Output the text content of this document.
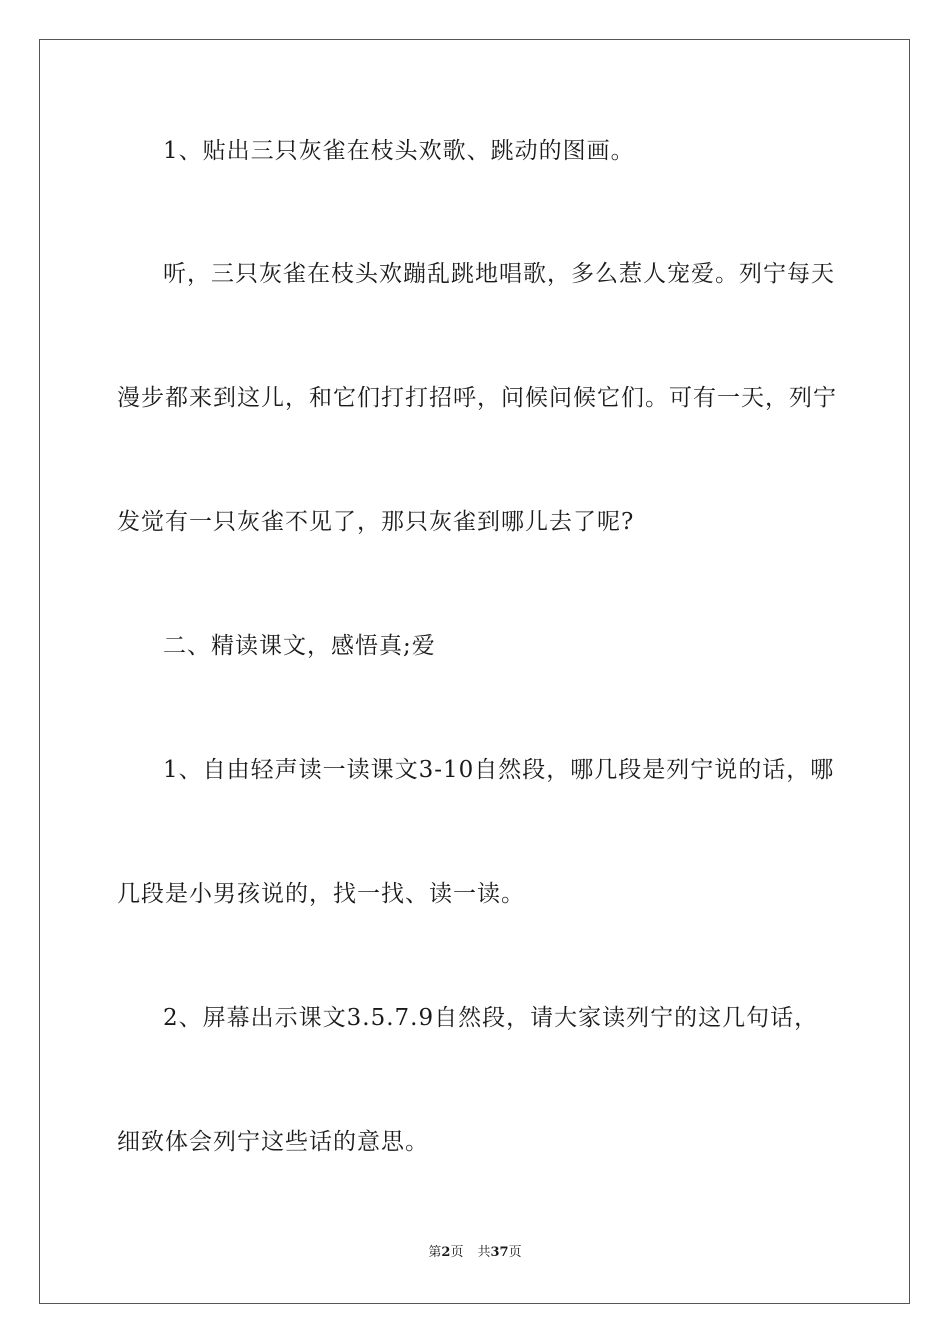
1、贴出三只灰雀在枝头欢歌、跳动的图画。
听，三只灰雀在枝头欢蹦乱跳地唱歌，多么惹人宠爱。列宁每天
漫步都来到这儿，和它们打打招呼，问候问候它们。可有一天，列宁
发觉有一只灰雀不见了，那只灰雀到哪儿去了呢?
二、精读课文，感悟真;爱
1、自由轻声读一读课文3-10自然段，哪几段是列宁说的话，哪
几段是小男孩说的，找一找、读一读。
2、屏幕出示课文3.5.7.9自然段，请大家读列宁的这几句话，
细致体会列宁这些话的意思。
第2页 共37页
